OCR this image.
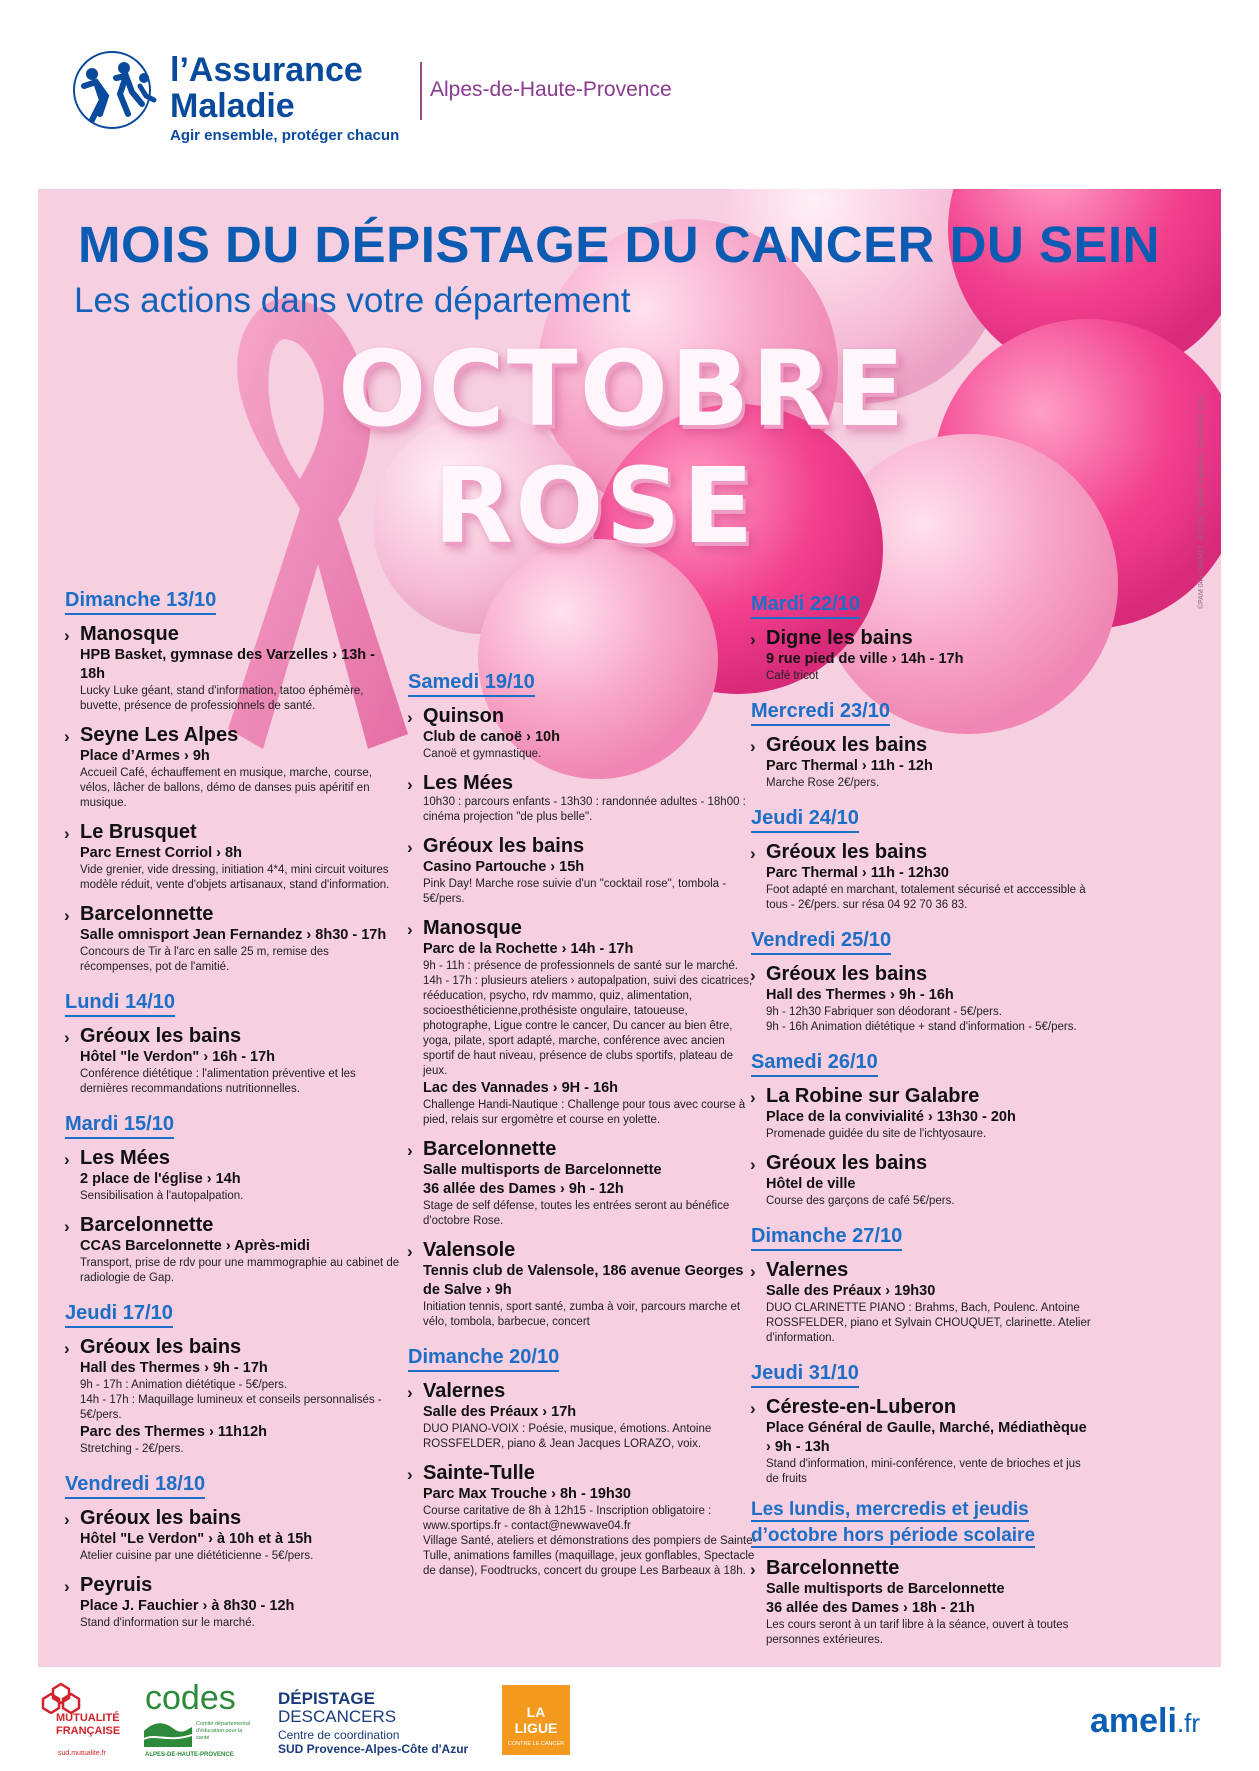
l’Assurance
Maladie
Agir ensemble, protéger chacun
Alpes-de-Haute-Provence
MOIS DU DÉPISTAGE DU CANCER DU SEIN
Les actions dans votre département
OCTOBRE
ROSE	©PAM 04 • CPAM13 - E7150U / Studio Graphique - Septembre 2024
Dimanche 13/10
› Manosque
HPB Basket, gymnase des Varzelles › 13h - 18h
Lucky Luke géant, stand d'information, tatoo éphémère, buvette, présence de professionnels de santé.
› Seyne Les Alpes
Place d’Armes › 9h
Accueil Café, échauffement en musique, marche, course, vélos, lâcher de ballons, démo de danses puis apéritif en musique.
› Le Brusquet
Parc Ernest Corriol › 8h
Vide grenier, vide dressing, initiation 4*4, mini circuit voitures modèle réduit, vente d'objets artisanaux, stand d'information.
› Barcelonnette
Salle omnisport Jean Fernandez › 8h30 - 17h
Concours de Tir à l'arc en salle 25 m, remise des récompenses, pot de l'amitié.
Lundi 14/10
› Gréoux les bains
Hôtel "le Verdon" › 16h - 17h
Conférence diététique : l'alimentation préventive et les dernières recommandations nutritionnelles.
Mardi 15/10
› Les Mées
2 place de l'église › 14h
Sensibilisation à l'autopalpation.
› Barcelonnette
CCAS Barcelonnette › Après-midi
Transport, prise de rdv pour une mammographie au cabinet de radiologie de Gap.
Jeudi 17/10
› Gréoux les bains
Hall des Thermes › 9h - 17h
9h - 17h : Animation diététique - 5€/pers.
14h - 17h : Maquillage lumineux et conseils personnalisés - 5€/pers.
Parc des Thermes › 11h12h
Stretching - 2€/pers.
Vendredi 18/10
› Gréoux les bains
Hôtel "Le Verdon" › à 10h et à 15h
Atelier cuisine par une diététicienne - 5€/pers.
› Peyruis
Place J. Fauchier › à 8h30 - 12h
Stand d'information sur le marché.
Samedi 19/10
› Quinson
Club de canoë › 10h
Canoë et gymnastique.
› Les Mées
10h30 : parcours enfants - 13h30 : randonnée adultes - 18h00 : cinéma projection "de plus belle".
› Gréoux les bains
Casino Partouche › 15h
Pink Day! Marche rose suivie d'un "cocktail rose", tombola - 5€/pers.
› Manosque
Parc de la Rochette › 14h - 17h
9h - 11h : présence de professionnels de santé sur le marché.
14h - 17h : plusieurs ateliers › autopalpation, suivi des cicatrices, rééducation, psycho, rdv mammo, quiz, alimentation, socioesthéticienne,prothésiste ongulaire, tatoueuse, photographe, Ligue contre le cancer, Du cancer au bien être, yoga, pilate, sport adapté, marche, conférence avec ancien sportif de haut niveau, présence de clubs sportifs, plateau de jeux.
Lac des Vannades › 9H - 16h
Challenge Handi-Nautique : Challenge pour tous avec course à pied, relais sur ergomètre et course en yolette.
› Barcelonnette
Salle multisports de Barcelonnette
36 allée des Dames › 9h - 12h
Stage de self défense, toutes les entrées seront au bénéfice d'octobre Rose.
› Valensole
Tennis club de Valensole, 186 avenue Georges de Salve › 9h
Initiation tennis, sport santé, zumba à voir, parcours marche et vélo, tombola, barbecue, concert
Dimanche 20/10
› Valernes
Salle des Préaux › 17h
DUO PIANO-VOIX : Poésie, musique, émotions. Antoine ROSSFELDER, piano & Jean Jacques LORAZO, voix.
› Sainte-Tulle
Parc Max Trouche › 8h - 19h30
Course caritative de 8h à 12h15 - Inscription obligatoire : www.sportips.fr - contact@newwave04.fr
Village Santé, ateliers et démonstrations des pompiers de Sainte-Tulle, animations familles (maquillage, jeux gonflables, Spectacle de danse), Foodtrucks, concert du groupe Les Barbeaux à 18h.
Mardi 22/10
› Digne les bains
9 rue pied de ville › 14h - 17h
Café tricot
Mercredi 23/10
› Gréoux les bains
Parc Thermal › 11h - 12h
Marche Rose 2€/pers.
Jeudi 24/10
› Gréoux les bains
Parc Thermal › 11h - 12h30
Foot adapté en marchant, totalement sécurisé et acccessible à tous - 2€/pers. sur résa 04 92 70 36 83.
Vendredi 25/10
› Gréoux les bains
Hall des Thermes › 9h - 16h
9h - 12h30 Fabriquer son déodorant - 5€/pers.
9h - 16h Animation diététique + stand d'information - 5€/pers.
Samedi 26/10
› La Robine sur Galabre
Place de la convivialité › 13h30 - 20h
Promenade guidée du site de l'ichtyosaure.
› Gréoux les bains
Hôtel de ville
Course des garçons de café 5€/pers.
Dimanche 27/10
› Valernes
Salle des Préaux › 19h30
DUO CLARINETTE PIANO : Brahms, Bach, Poulenc. Antoine ROSSFELDER, piano et Sylvain CHOUQUET, clarinette. Atelier d'information.
Jeudi 31/10
› Céreste-en-Luberon
Place Général de Gaulle, Marché, Médiathèque › 9h - 13h
Stand d'information, mini-conférence, vente de brioches et jus de fruits
Les lundis, mercredis et jeudis d’octobre hors période scolaire
› Barcelonnette
Salle multisports de Barcelonnette
36 allée des Dames › 18h - 21h
Les cours seront à un tarif libre à la séance, ouvert à toutes personnes extérieures.
MUTUALITÉ
FRANÇAISE
sud.mutualite.fr
codes
Comité départemental d'éducation pour la santé
ALPES-DE-HAUTE-PROVENCE
DÉPISTAGE
DESCANCERS
Centre de coordination
SUD Provence-Alpes-Côte d'Azur
LA LIGUE
CONTRE LE CANCER
ameli.fr
